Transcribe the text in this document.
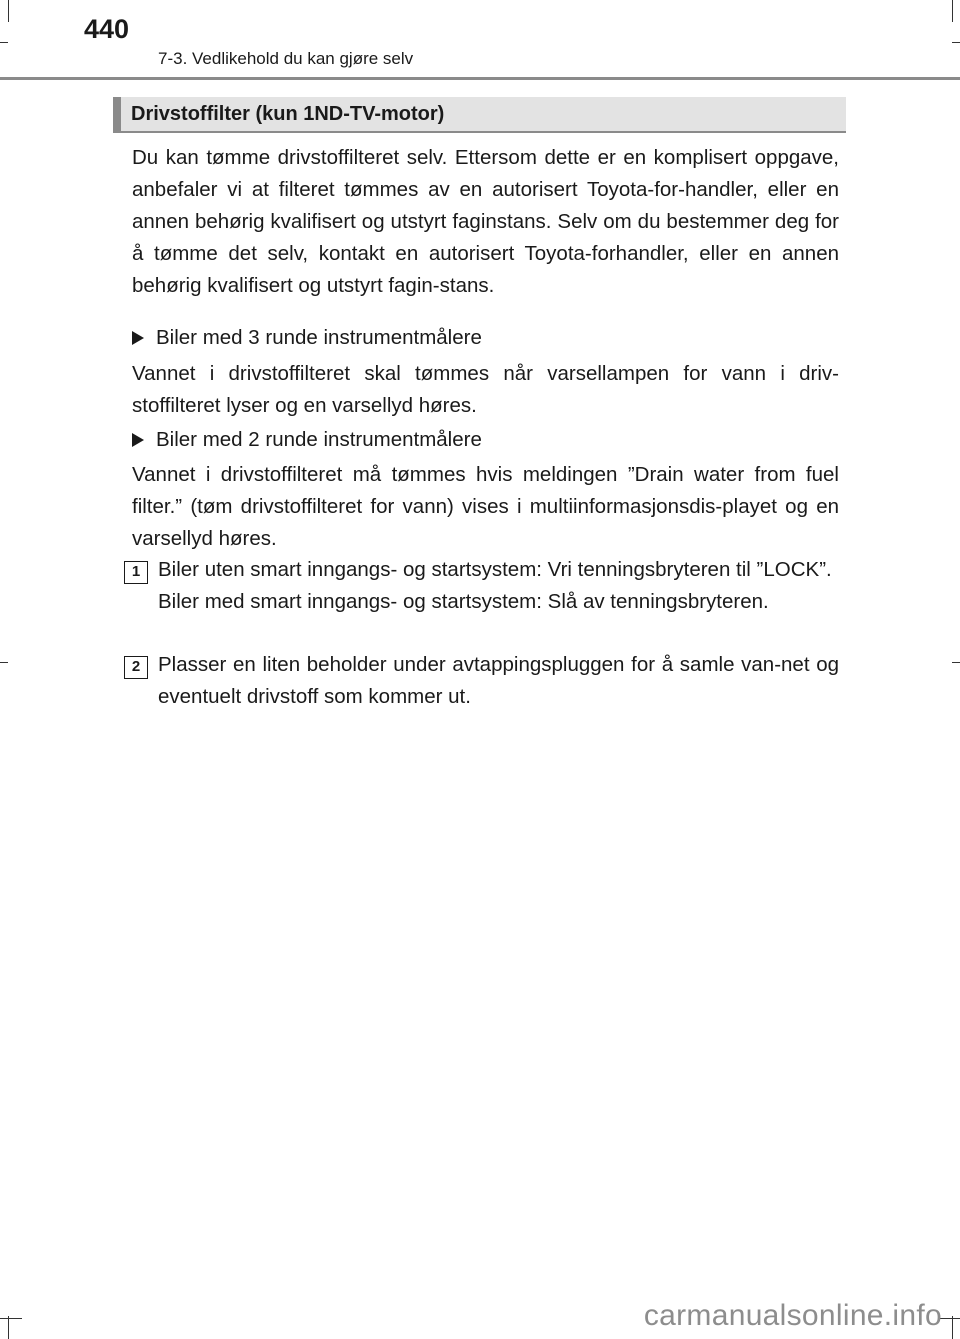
440
7-3. Vedlikehold du kan gjøre selv
Drivstoffilter (kun 1ND-TV-motor)

Du kan tømme drivstoffilteret selv. Ettersom dette er en komplisert oppgave, anbefaler vi at filteret tømmes av en autorisert Toyota-for-handler, eller en annen behørig kvalifisert og utstyrt faginstans. Selv om du bestemmer deg for å tømme det selv, kontakt en autorisert Toyota-forhandler, eller en annen behørig kvalifisert og utstyrt fagin-stans.

Biler med 3 runde instrumentmålere

Vannet i drivstoffilteret skal tømmes når varsellampen for vann i driv-stoffilteret lyser og en varsellyd høres.

Biler med 2 runde instrumentmålere

Vannet i drivstoffilteret må tømmes hvis meldingen ”Drain water from fuel filter.” (tøm drivstoffilteret for vann) vises i multiinformasjonsdis-playet og en varsellyd høres.

1 Biler uten smart inngangs- og startsystem: Vri tenningsbryteren til ”LOCK”.
Biler med smart inngangs- og startsystem: Slå av tenningsbryteren.
2 Plasser en liten beholder under avtappingspluggen for å samle van-net og eventuelt drivstoff som kommer ut.
carmanualsonline.info
